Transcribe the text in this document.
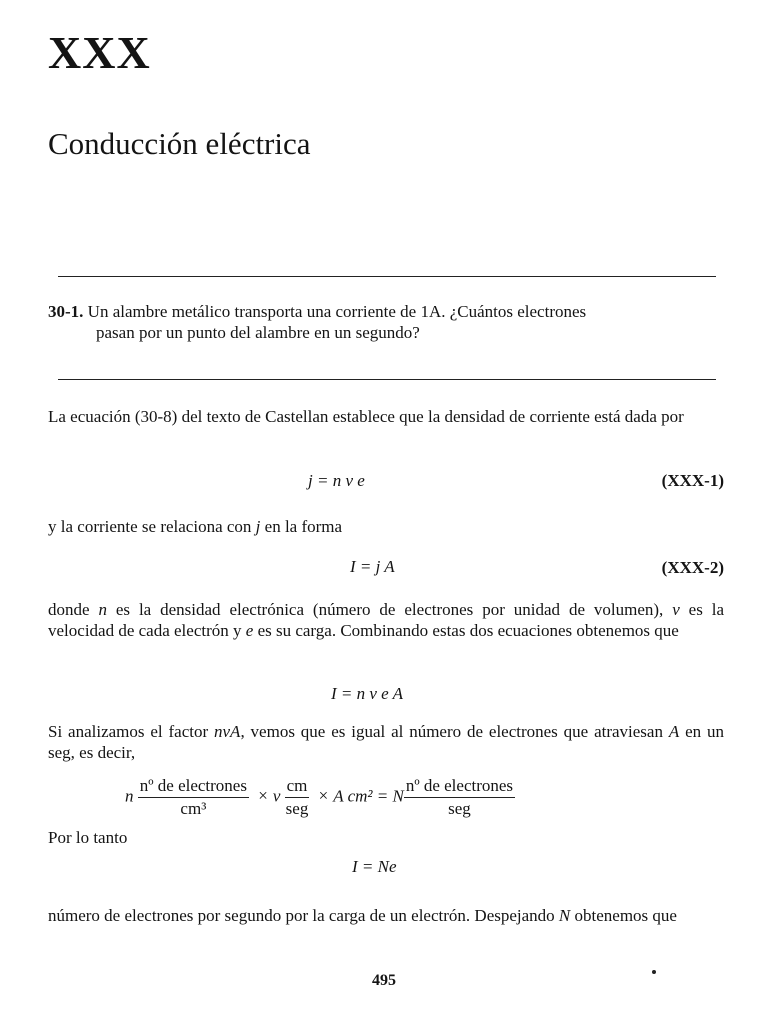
XXX
Conducción eléctrica
30-1. Un alambre metálico transporta una corriente de 1A. ¿Cuántos electrones
pasan por un punto del alambre en un segundo?
La ecuación (30-8) del texto de Castellan establece que la densidad de corriente está dada por
j = n v e	(XXX-1)
y la corriente se relaciona con j en la forma
I = j A	(XXX-2)
donde n es la densidad electrónica (número de electrones por unidad de volumen), v es la velocidad de cada electrón y e es su carga. Combinando estas dos ecuaciones obtenemos que
I = n v e A
Si analizamos el factor nvA, vemos que es igual al número de electrones que atraviesan A en un seg, es decir,
n $\frac{\text{nº de electrones}}{\text{cm³}} \times v \frac{cm}{\text{seg}} \times A$ cm² = N $\frac{\text{nº de electrones}}{\text{seg}}$
Por lo tanto
I = Ne
número de electrones por segundo por la carga de un electrón. Despejando N obtenemos que
495
